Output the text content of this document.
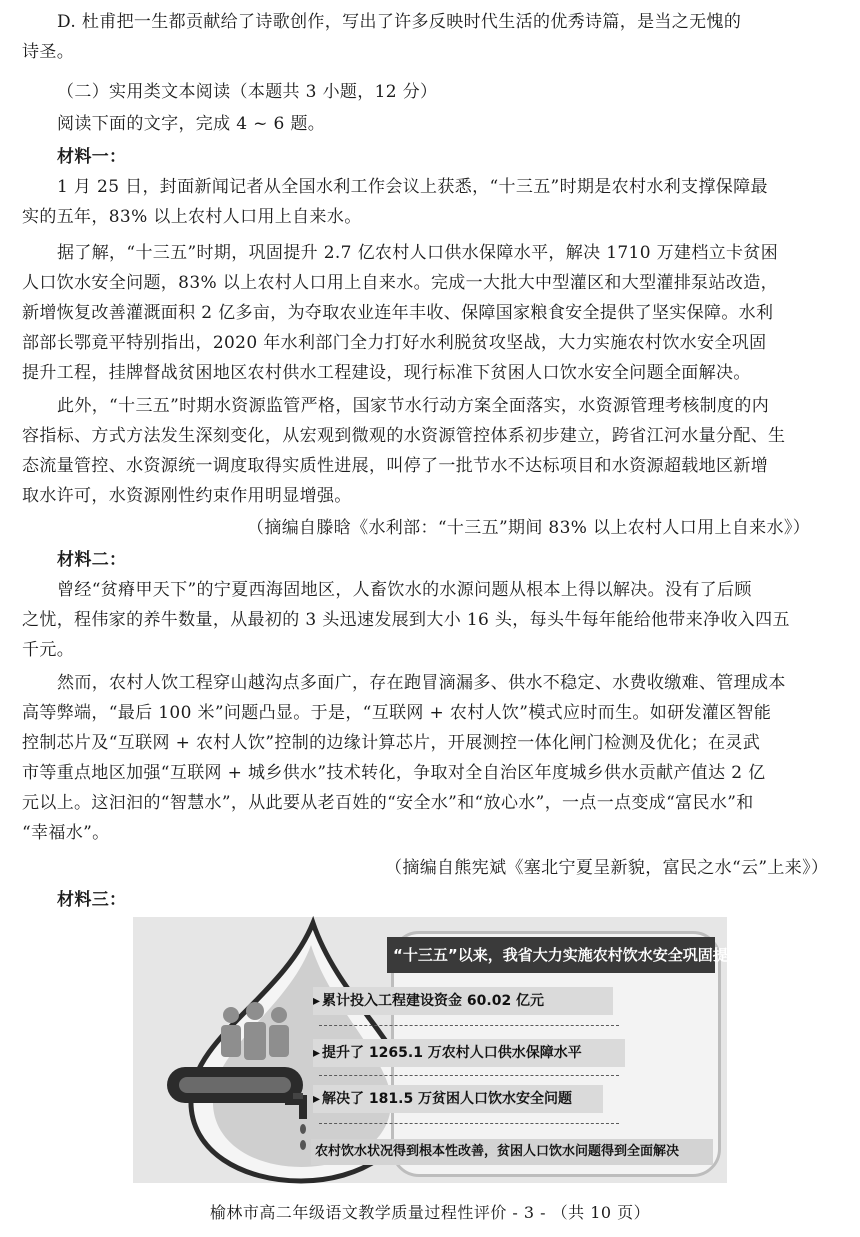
D. 杜甫把一生都贡献给了诗歌创作，写出了许多反映时代生活的优秀诗篇，是当之无愧的
诗圣。
（二）实用类文本阅读（本题共 3 小题，12 分）
阅读下面的文字，完成 4 ~ 6 题。
材料一：
1 月 25 日，封面新闻记者从全国水利工作会议上获悉，“十三五”时期是农村水利支撑保障最
实的五年，83% 以上农村人口用上自来水。
据了解，“十三五”时期，巩固提升 2.7 亿农村人口供水保障水平，解决 1710 万建档立卡贫困
人口饮水安全问题，83% 以上农村人口用上自来水。完成一大批大中型灌区和大型灌排泵站改造，
新增恢复改善灌溉面积 2 亿多亩，为夺取农业连年丰收、保障国家粮食安全提供了坚实保障。水利
部部长鄂竟平特别指出，2020 年水利部门全力打好水利脱贫攻坚战，大力实施农村饮水安全巩固
提升工程，挂牌督战贫困地区农村供水工程建设，现行标准下贫困人口饮水安全问题全面解决。
此外，“十三五”时期水资源监管严格，国家节水行动方案全面落实，水资源管理考核制度的内
容指标、方式方法发生深刻变化，从宏观到微观的水资源管控体系初步建立，跨省江河水量分配、生
态流量管控、水资源统一调度取得实质性进展，叫停了一批节水不达标项目和水资源超载地区新增
取水许可，水资源刚性约束作用明显增强。
（摘编自滕晗《水利部：“十三五”期间 83% 以上农村人口用上自来水》）
材料二：
曾经“贫瘠甲天下”的宁夏西海固地区，人畜饮水的水源问题从根本上得以解决。没有了后顾
之忧，程伟家的养牛数量，从最初的 3 头迅速发展到大小 16 头，每头牛每年能给他带来净收入四五
千元。
然而，农村人饮工程穿山越沟点多面广，存在跑冒滴漏多、供水不稳定、水费收缴难、管理成本
高等弊端，“最后 100 米”问题凸显。于是，“互联网 + 农村人饮”模式应时而生。如研发灌区智能
控制芯片及“互联网 + 农村人饮”控制的边缘计算芯片，开展测控一体化闸门检测及优化；在灵武
市等重点地区加强“互联网 + 城乡供水”技术转化，争取对全自治区年度城乡供水贡献产值达 2 亿
元以上。这汩汩的“智慧水”，从此要从老百姓的“安全水”和“放心水”，一点一点变成“富民水”和
“幸福水”。
（摘编自熊宪斌《塞北宁夏呈新貌，富民之水“云”上来》）
材料三：
“十三五”以来，我省大力实施农村饮水安全巩固提升工程建设
▸ 累计投入工程建设资金 60.02 亿元
▸ 提升了 1265.1 万农村人口供水保障水平
▸ 解决了 181.5 万贫困人口饮水安全问题
农村饮水状况得到根本性改善，贫困人口饮水问题得到全面解决
榆林市高二年级语文教学质量过程性评价 - 3 - （共 10 页）
